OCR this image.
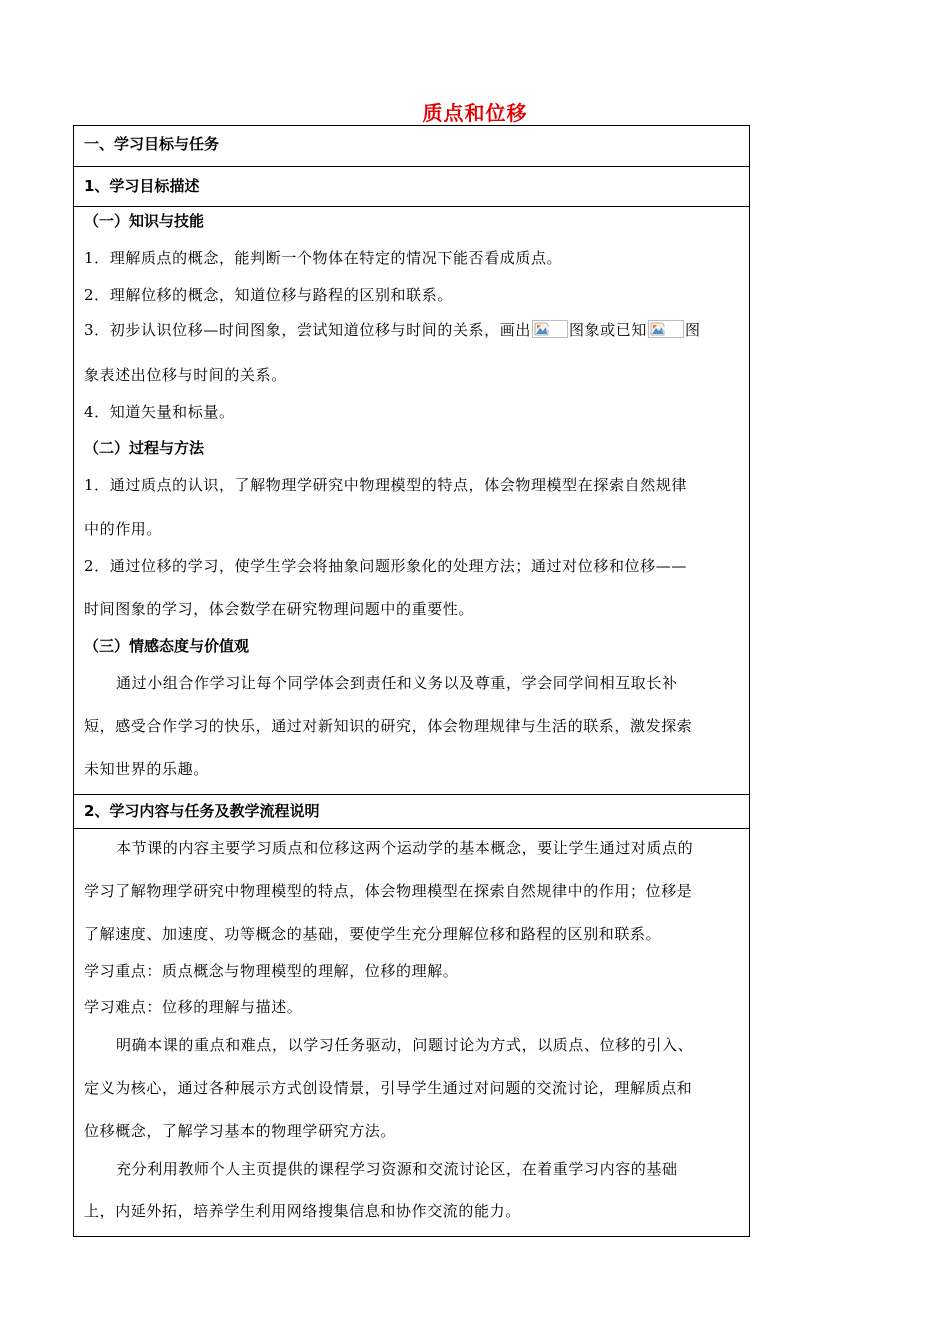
质点和位移
一、学习目标与任务
1、学习目标描述
（一）知识与技能
1．理解质点的概念，能判断一个物体在特定的情况下能否看成质点。
2．理解位移的概念，知道位移与路程的区别和联系。
3．初步认识位移—时间图象，尝试知道位移与时间的关系，画出	图象或已知	图
象表述出位移与时间的关系。
4．知道矢量和标量。
（二）过程与方法
1．通过质点的认识，了解物理学研究中物理模型的特点，体会物理模型在探索自然规律
中的作用。
2．通过位移的学习，使学生学会将抽象问题形象化的处理方法；通过对位移和位移——
时间图象的学习，体会数学在研究物理问题中的重要性。
（三）情感态度与价值观
通过小组合作学习让每个同学体会到责任和义务以及尊重，学会同学间相互取长补
短，感受合作学习的快乐，通过对新知识的研究，体会物理规律与生活的联系，激发探索
未知世界的乐趣。
2、学习内容与任务及教学流程说明
本节课的内容主要学习质点和位移这两个运动学的基本概念，要让学生通过对质点的
学习了解物理学研究中物理模型的特点，体会物理模型在探索自然规律中的作用；位移是
了解速度、加速度、功等概念的基础，要使学生充分理解位移和路程的区别和联系。
学习重点：质点概念与物理模型的理解，位移的理解。
学习难点：位移的理解与描述。
明确本课的重点和难点，以学习任务驱动，问题讨论为方式，以质点、位移的引入、
定义为核心，通过各种展示方式创设情景，引导学生通过对问题的交流讨论，理解质点和
位移概念，了解学习基本的物理学研究方法。
充分利用教师个人主页提供的课程学习资源和交流讨论区，在着重学习内容的基础
上，内延外拓，培养学生利用网络搜集信息和协作交流的能力。
